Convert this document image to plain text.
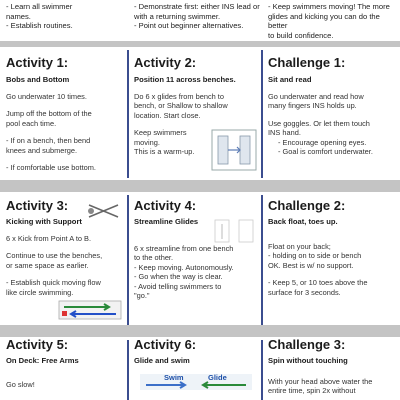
- Learn all swimmer
names.
- Establish routines.

- Demonstrate first: either INS lead or
with a returning swimmer.
- Point out beginner alternatives.

- Keep swimmers moving! The more
glides and kicking you can do the better
to build confidence.

Activity 1:

Bobs and Bottom

Go underwater 10 times.

Jump off the bottom of the
pool each time.

- If on a bench, then bend
knees and submerge.

- If comfortable use bottom.

Activity 2:

Position 11 across benches.

Do 6 x glides from bench to
bench, or Shallow to shallow
location. Start close.

Keep swimmers
moving.
This is a warm-up.

Challenge 1:

Sit and read

Go underwater and read how
many fingers INS holds up.

Use goggles. Or let them touch
INS hand.

- Encourage opening eyes.
- Goal is comfort underwater.

Activity 3:

Kicking with Support

6 x Kick from Point A to B.

Continue to use the benches,
or same space as earlier.

- Establish quick moving flow
like circle swimming.

Activity 4:

Streamline Glides

6 x streamline from one bench
to the other.

- Keep moving. Autonomously.
- Go when the way is clear.
- Avoid telling swimmers to
"go."

Challenge 2:

Back float, toes up.

Float on your back;
- holding on to side or bench
OK. Best is w/ no support.

- Keep 5, or 10 toes above the
surface for 3 seconds.

Activity 5:

On Deck: Free Arms

Go slow!

Activity 6:

Glide and swim

Swim	Glide

Challenge 3:

Spin without touching

With your head above water the
entire time, spin 2x without
